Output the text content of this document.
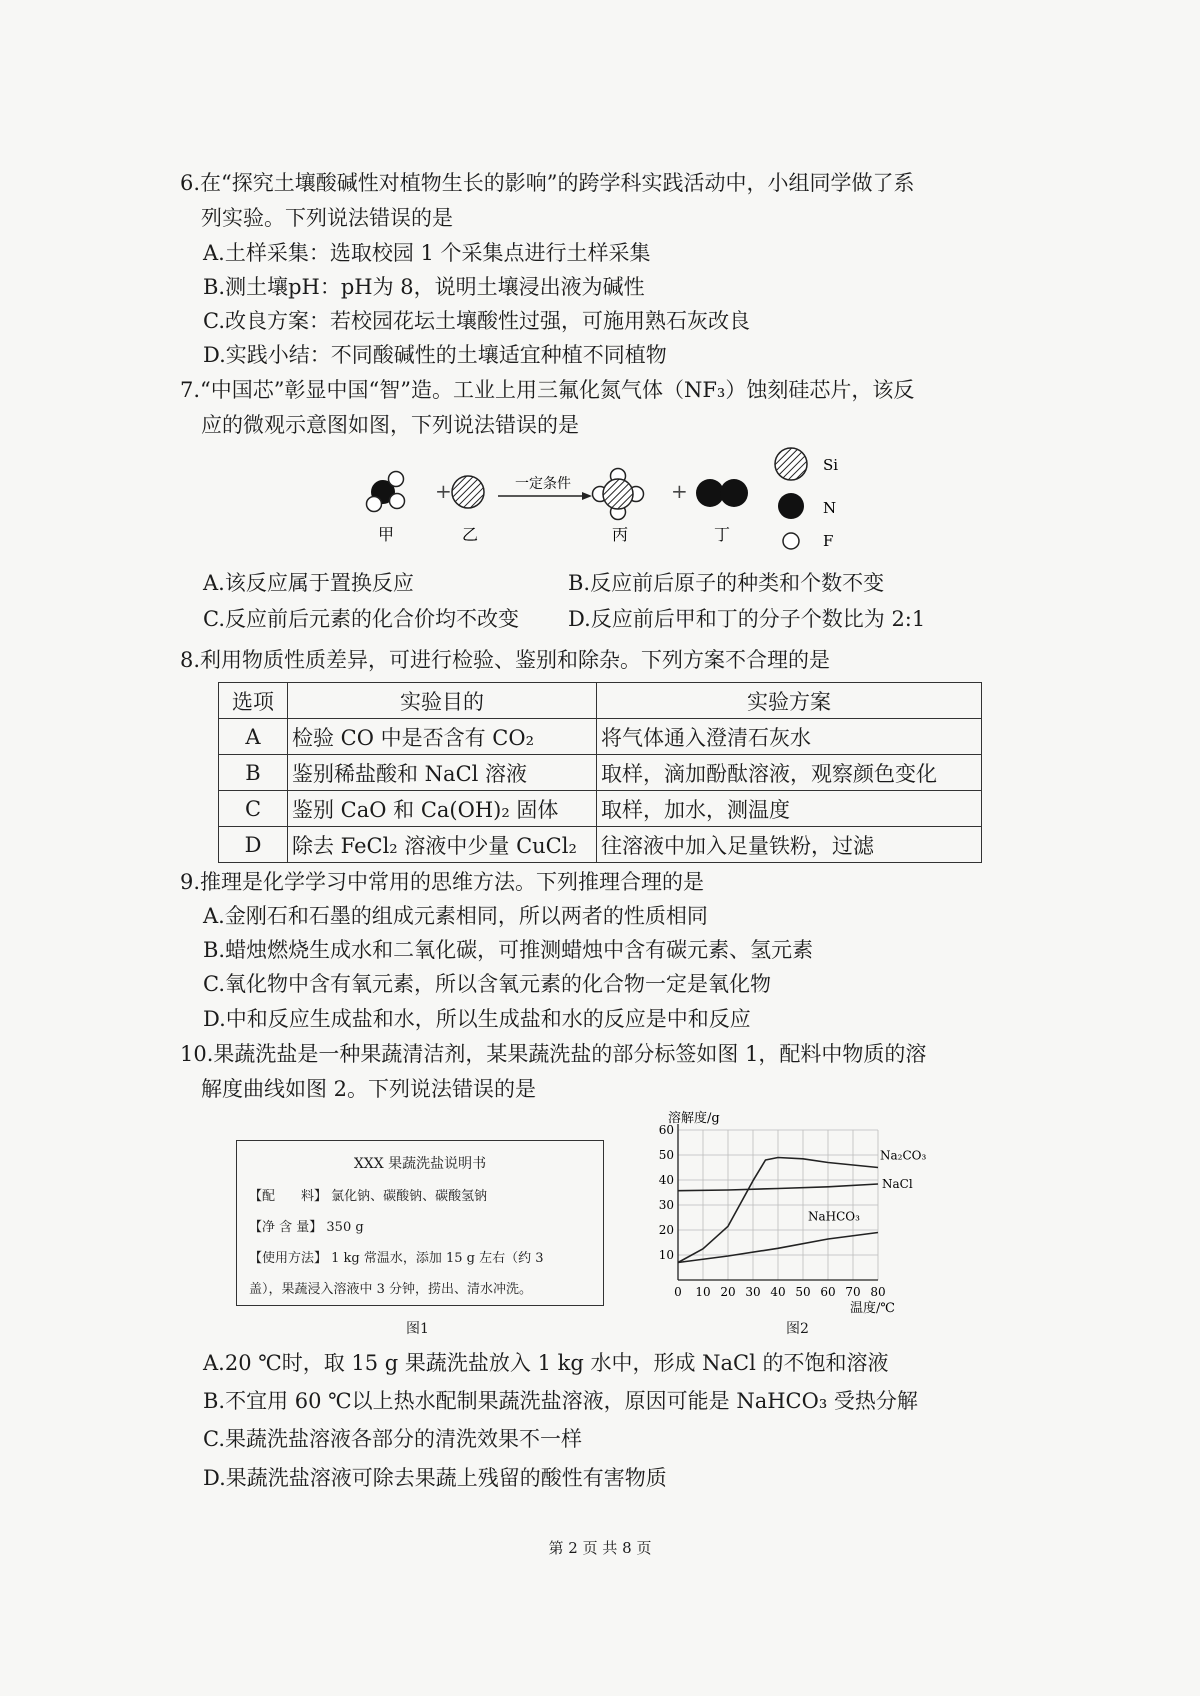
6.在“探究土壤酸碱性对植物生长的影响”的跨学科实践活动中，小组同学做了系
列实验。下列说法错误的是
A.土样采集：选取校园 1 个采集点进行土样采集
B.测土壤pH：pH为 8，说明土壤浸出液为碱性
C.改良方案：若校园花坛土壤酸性过强，可施用熟石灰改良
D.实践小结：不同酸碱性的土壤适宜种植不同植物
7.“中国芯”彰显中国“智”造。工业上用三氟化氮气体（NF₃）蚀刻硅芯片，该反
应的微观示意图如图，下列说法错误的是
+	一定条件	+
甲	乙	丙	丁
Si
N
F
A.该反应属于置换反应	B.反应前后原子的种类和个数不变
C.反应前后元素的化合价均不改变 D.反应前后甲和丁的分子个数比为 2:1
8.利用物质性质差异，可进行检验、鉴别和除杂。下列方案不合理的是
选项	实验目的	实验方案
A	检验 CO 中是否含有 CO₂	将气体通入澄清石灰水
B	鉴别稀盐酸和 NaCl 溶液	取样，滴加酚酞溶液，观察颜色变化
C	鉴别 CaO 和 Ca(OH)₂ 固体	取样，加水，测温度
D	除去 FeCl₂ 溶液中少量 CuCl₂	往溶液中加入足量铁粉，过滤
9.推理是化学学习中常用的思维方法。下列推理合理的是
A.金刚石和石墨的组成元素相同，所以两者的性质相同
B.蜡烛燃烧生成水和二氧化碳，可推测蜡烛中含有碳元素、氢元素
C.氧化物中含有氧元素，所以含氧元素的化合物一定是氧化物
D.中和反应生成盐和水，所以生成盐和水的反应是中和反应
10.果蔬洗盐是一种果蔬清洁剂，某果蔬洗盐的部分标签如图 1，配料中物质的溶
解度曲线如图 2。下列说法错误的是
XXX 果蔬洗盐说明书
【配　　料】 氯化钠、碳酸钠、碳酸氢钠
【净 含 量】 350 g
【使用方法】 1 kg 常温水，添加 15 g 左右（约 3
盖），果蔬浸入溶液中 3 分钟，捞出、清水冲洗。
图1
0 10 20 30 40 50 60 70 80
10
20
30
40
50
60
溶解度/g
温度/℃
Na₂CO₃
NaCl
NaHCO₃
图2
A.20 ℃时，取 15 g 果蔬洗盐放入 1 kg 水中，形成 NaCl 的不饱和溶液
B.不宜用 60 ℃以上热水配制果蔬洗盐溶液，原因可能是 NaHCO₃ 受热分解
C.果蔬洗盐溶液各部分的清洗效果不一样
D.果蔬洗盐溶液可除去果蔬上残留的酸性有害物质
第 2 页 共 8 页
